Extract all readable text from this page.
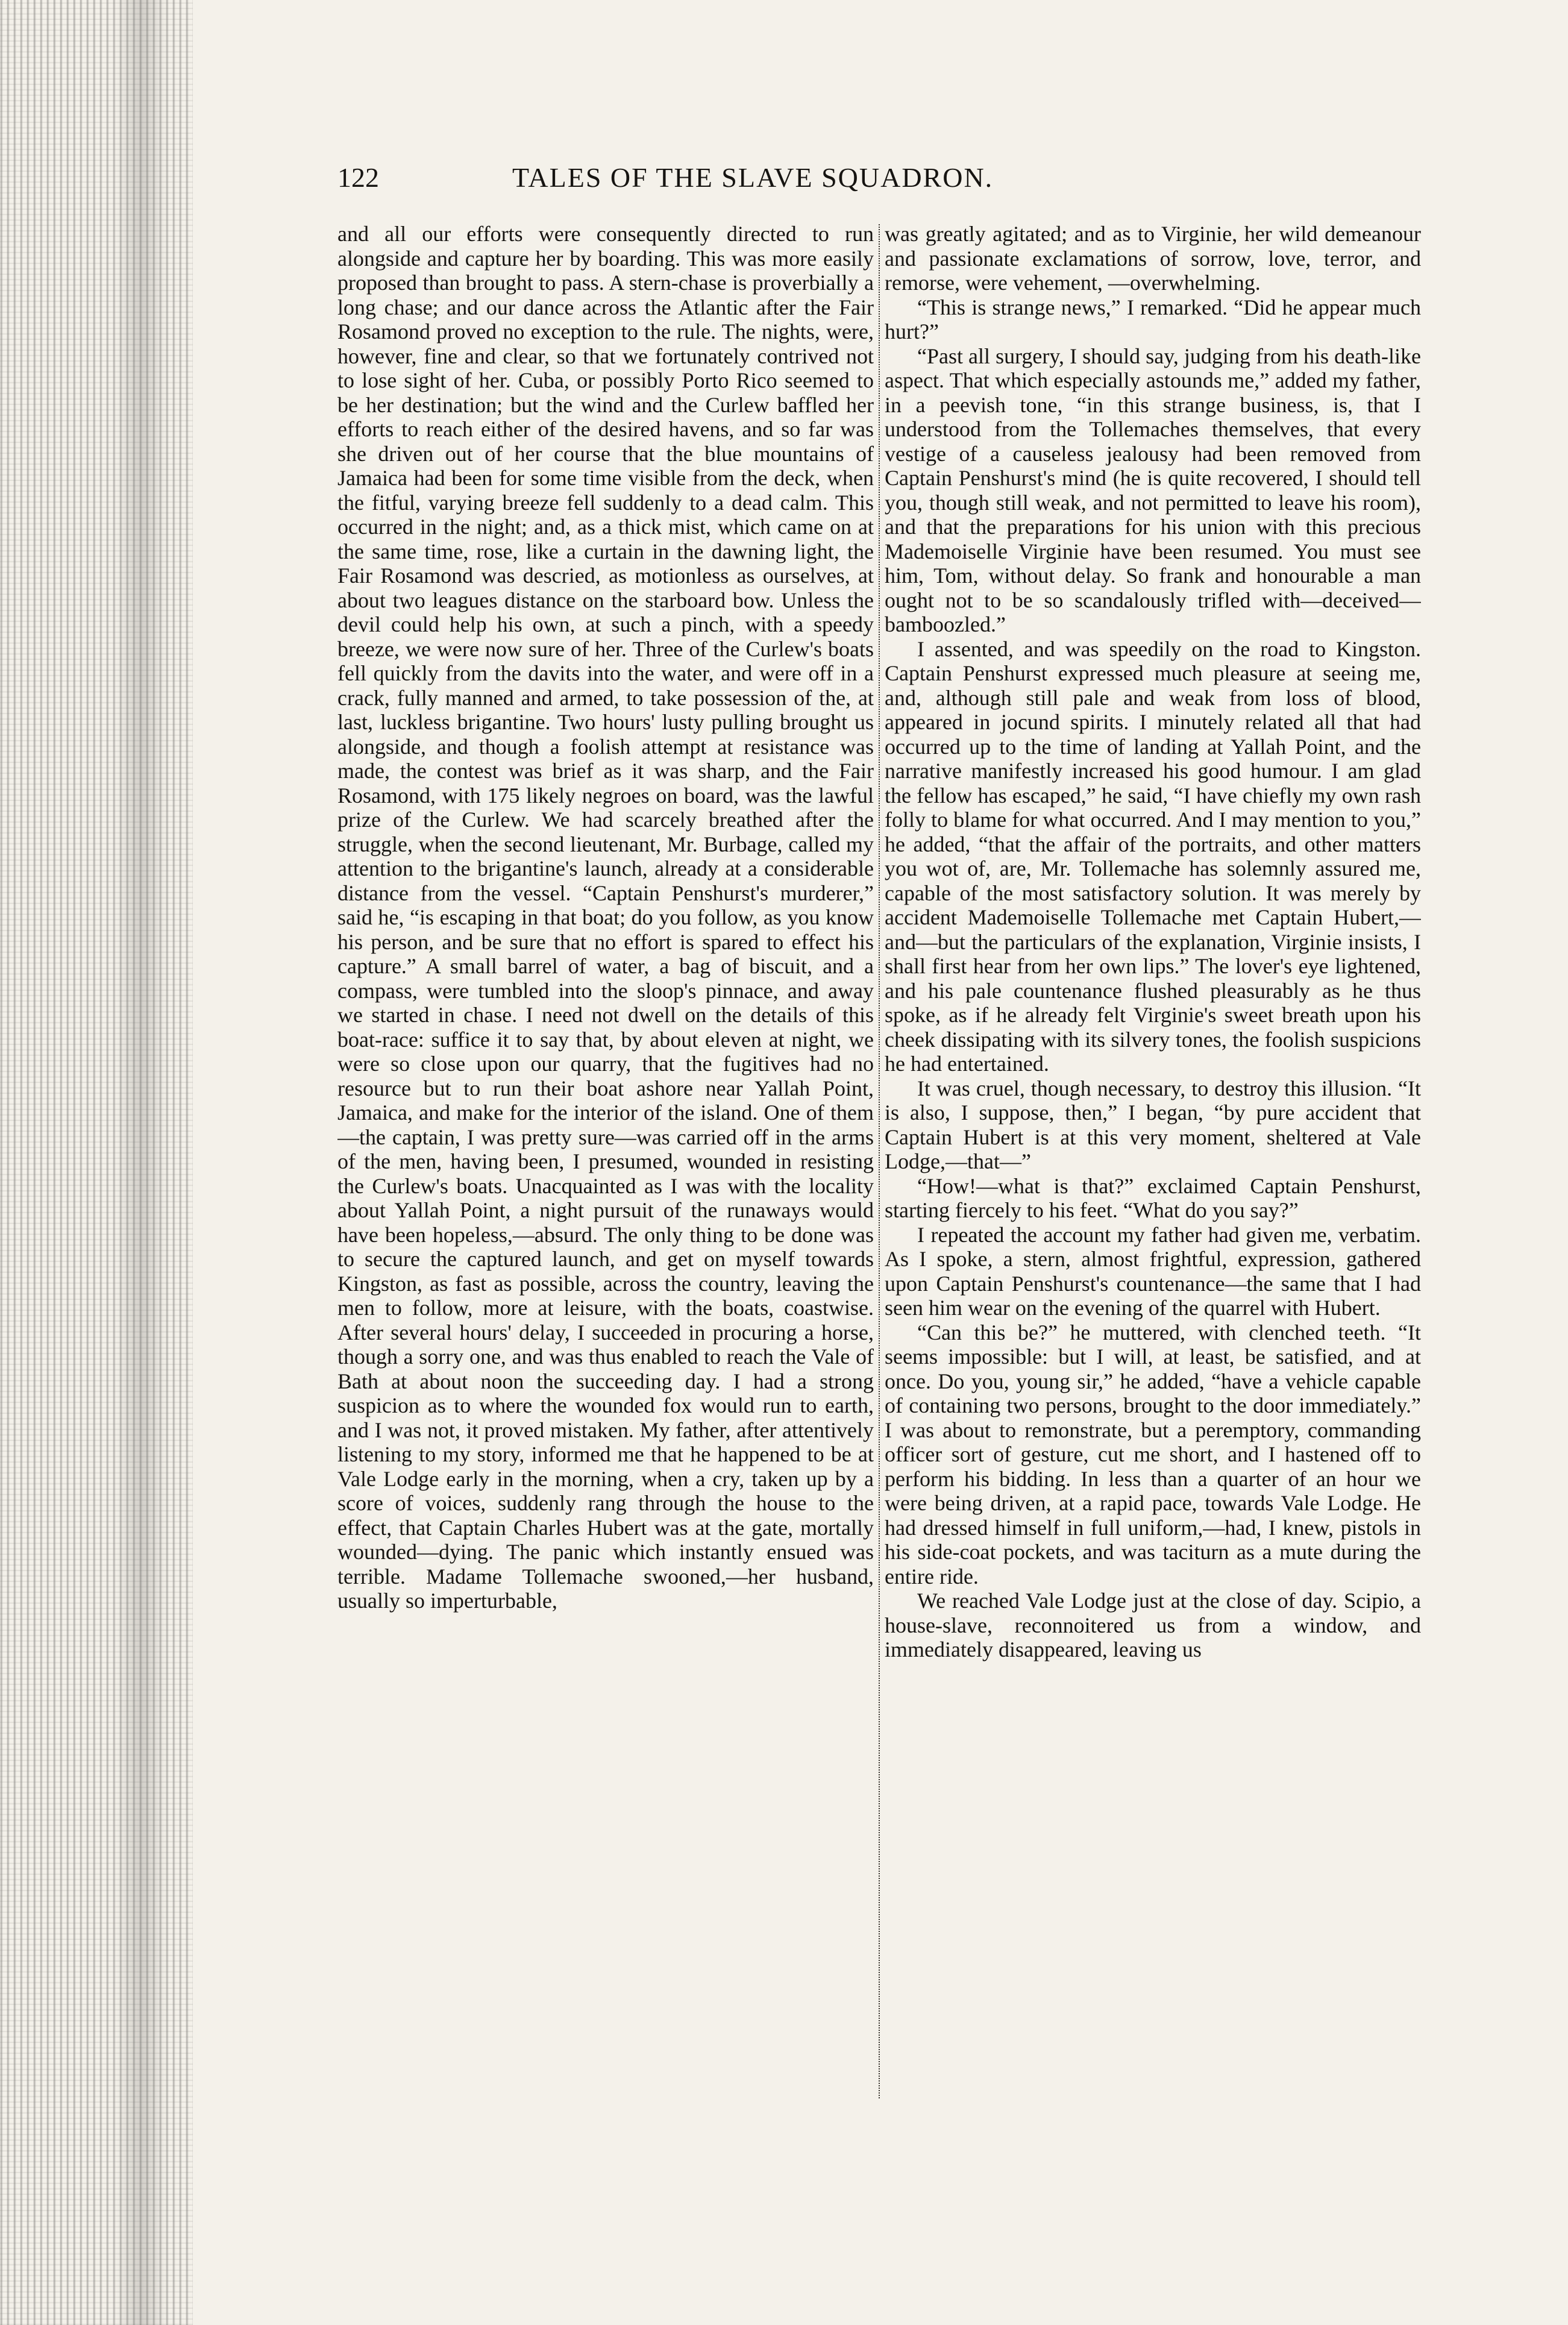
122	TALES OF THE SLAVE SQUADRON.

and all our efforts were consequently directed to run alongside and capture her by boarding. This was more easily proposed than brought to pass. A stern-chase is proverbially a long chase; and our dance across the Atlantic after the Fair Rosamond proved no exception to the rule. The nights, were, however, fine and clear, so that we fortunately contrived not to lose sight of her. Cuba, or possibly Porto Rico seemed to be her destination; but the wind and the Curlew baffled her efforts to reach either of the desired havens, and so far was she driven out of her course that the blue mountains of Jamaica had been for some time visible from the deck, when the fitful, varying breeze fell suddenly to a dead calm. This occurred in the night; and, as a thick mist, which came on at the same time, rose, like a curtain in the dawning light, the Fair Rosamond was descried, as motionless as ourselves, at about two leagues distance on the starboard bow. Unless the devil could help his own, at such a pinch, with a speedy breeze, we were now sure of her. Three of the Curlew's boats fell quickly from the davits into the water, and were off in a crack, fully manned and armed, to take possession of the, at last, luckless brigantine. Two hours' lusty pulling brought us alongside, and though a foolish attempt at resistance was made, the contest was brief as it was sharp, and the Fair Rosamond, with 175 likely negroes on board, was the lawful prize of the Curlew. We had scarcely breathed after the struggle, when the second lieutenant, Mr. Burbage, called my attention to the brigantine's launch, already at a considerable distance from the vessel. “Captain Penshurst's murderer,” said he, “is escaping in that boat; do you follow, as you know his person, and be sure that no effort is spared to effect his capture.” A small barrel of water, a bag of biscuit, and a compass, were tumbled into the sloop's pinnace, and away we started in chase. I need not dwell on the details of this boat-race: suffice it to say that, by about eleven at night, we were so close upon our quarry, that the fugitives had no resource but to run their boat ashore near Yallah Point, Jamaica, and make for the interior of the island. One of them—the captain, I was pretty sure—was carried off in the arms of the men, having been, I presumed, wounded in resisting the Curlew's boats. Unacquainted as I was with the locality about Yallah Point, a night pursuit of the runaways would have been hopeless,—absurd. The only thing to be done was to secure the captured launch, and get on myself towards Kingston, as fast as possible, across the country, leaving the men to follow, more at leisure, with the boats, coastwise. After several hours' delay, I succeeded in procuring a horse, though a sorry one, and was thus enabled to reach the Vale of Bath at about noon the succeeding day. I had a strong suspicion as to where the wounded fox would run to earth, and I was not, it proved mistaken. My father, after attentively listening to my story, informed me that he happened to be at Vale Lodge early in the morning, when a cry, taken up by a score of voices, suddenly rang through the house to the effect, that Captain Charles Hubert was at the gate, mortally wounded—dying. The panic which instantly ensued was terrible. Madame Tollemache swooned,—her husband, usually so imperturbable,

was greatly agitated; and as to Virginie, her wild demeanour and passionate exclamations of sorrow, love, terror, and remorse, were vehement, —overwhelming.

“This is strange news,” I remarked. “Did he appear much hurt?”

“Past all surgery, I should say, judging from his death-like aspect. That which especially astounds me,” added my father, in a peevish tone, “in this strange business, is, that I understood from the Tollemaches themselves, that every vestige of a causeless jealousy had been removed from Captain Penshurst's mind (he is quite recovered, I should tell you, though still weak, and not permitted to leave his room), and that the preparations for his union with this precious Mademoiselle Virginie have been resumed. You must see him, Tom, without delay. So frank and honourable a man ought not to be so scandalously trifled with—deceived—bamboozled.”

I assented, and was speedily on the road to Kingston. Captain Penshurst expressed much pleasure at seeing me, and, although still pale and weak from loss of blood, appeared in jocund spirits. I minutely related all that had occurred up to the time of landing at Yallah Point, and the narrative manifestly increased his good humour. I am glad the fellow has escaped,” he said, “I have chiefly my own rash folly to blame for what occurred. And I may mention to you,” he added, “that the affair of the portraits, and other matters you wot of, are, Mr. Tollemache has solemnly assured me, capable of the most satisfactory solution. It was merely by accident Mademoiselle Tollemache met Captain Hubert,—and—but the particulars of the explanation, Virginie insists, I shall first hear from her own lips.” The lover's eye lightened, and his pale countenance flushed pleasurably as he thus spoke, as if he already felt Virginie's sweet breath upon his cheek dissipating with its silvery tones, the foolish suspicions he had entertained.

It was cruel, though necessary, to destroy this illusion. “It is also, I suppose, then,” I began, “by pure accident that Captain Hubert is at this very moment, sheltered at Vale Lodge,—that—”

“How!—what is that?” exclaimed Captain Penshurst, starting fiercely to his feet. “What do you say?”

I repeated the account my father had given me, verbatim. As I spoke, a stern, almost frightful, expression, gathered upon Captain Penshurst's countenance—the same that I had seen him wear on the evening of the quarrel with Hubert.

“Can this be?” he muttered, with clenched teeth. “It seems impossible: but I will, at least, be satisfied, and at once. Do you, young sir,” he added, “have a vehicle capable of containing two persons, brought to the door immediately.” I was about to remonstrate, but a peremptory, commanding officer sort of gesture, cut me short, and I hastened off to perform his bidding. In less than a quarter of an hour we were being driven, at a rapid pace, towards Vale Lodge. He had dressed himself in full uniform,—had, I knew, pistols in his side-coat pockets, and was taciturn as a mute during the entire ride.

We reached Vale Lodge just at the close of day. Scipio, a house-slave, reconnoitered us from a window, and immediately disappeared, leaving us
